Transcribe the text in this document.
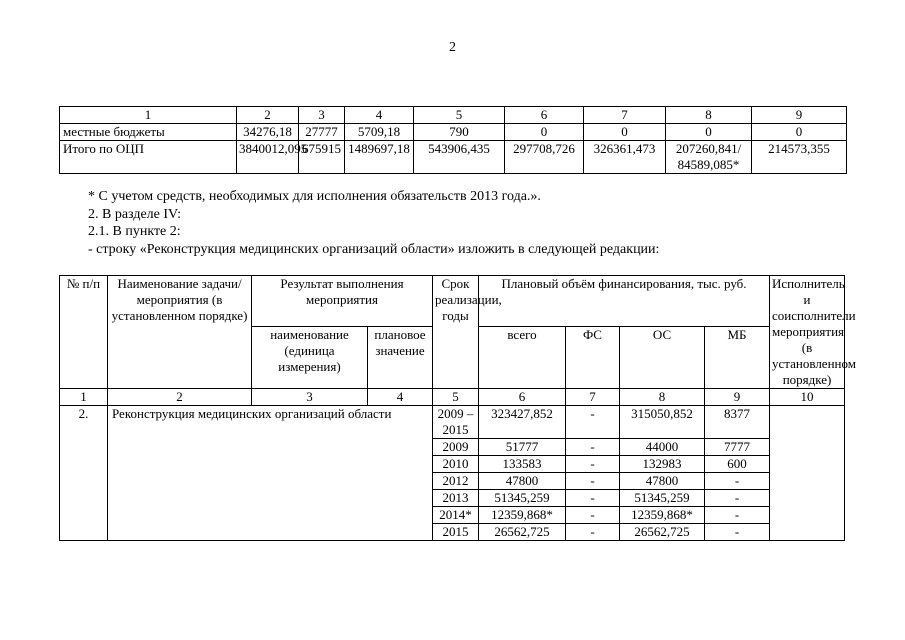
2
1	2	3	4	5	6	7	8	9
местные бюджеты	34276,18	27777	5709,18	790	0	0	0	0
Итого по ОЦП	3840012,095	675915	1489697,18	543906,435	297708,726	326361,473	207260,841/ 84589,085*	214573,355
* С учетом средств, необходимых для исполнения обязательств 2013 года.».
2. В разделе IV:
2.1. В пункте 2:
- строку «Реконструкция медицинских организаций области» изложить в следующей редакции:
№ п/п	Наименование задачи/мероприятия (в установленном порядке)	Результат выполнения мероприятия		Срок реализации, годы	Плановый объём финансирования, тыс. руб.				Исполнитель и соисполнители мероприятия (в установленном порядке)
		наименование (единица измерения)	плановое значение		всего	ФС	ОС	МБ	
1	2	3	4	5	6	7	8	9	10
2.	Реконструкция медицинских организаций области			2009 – 2015	323427,852	-	315050,852	8377	
				2009	51777	-	44000	7777	
				2010	133583	-	132983	600	
				2012	47800	-	47800	-	
				2013	51345,259	-	51345,259	-	
				2014*	12359,868*	-	12359,868*	-	
				2015	26562,725	-	26562,725	-	
